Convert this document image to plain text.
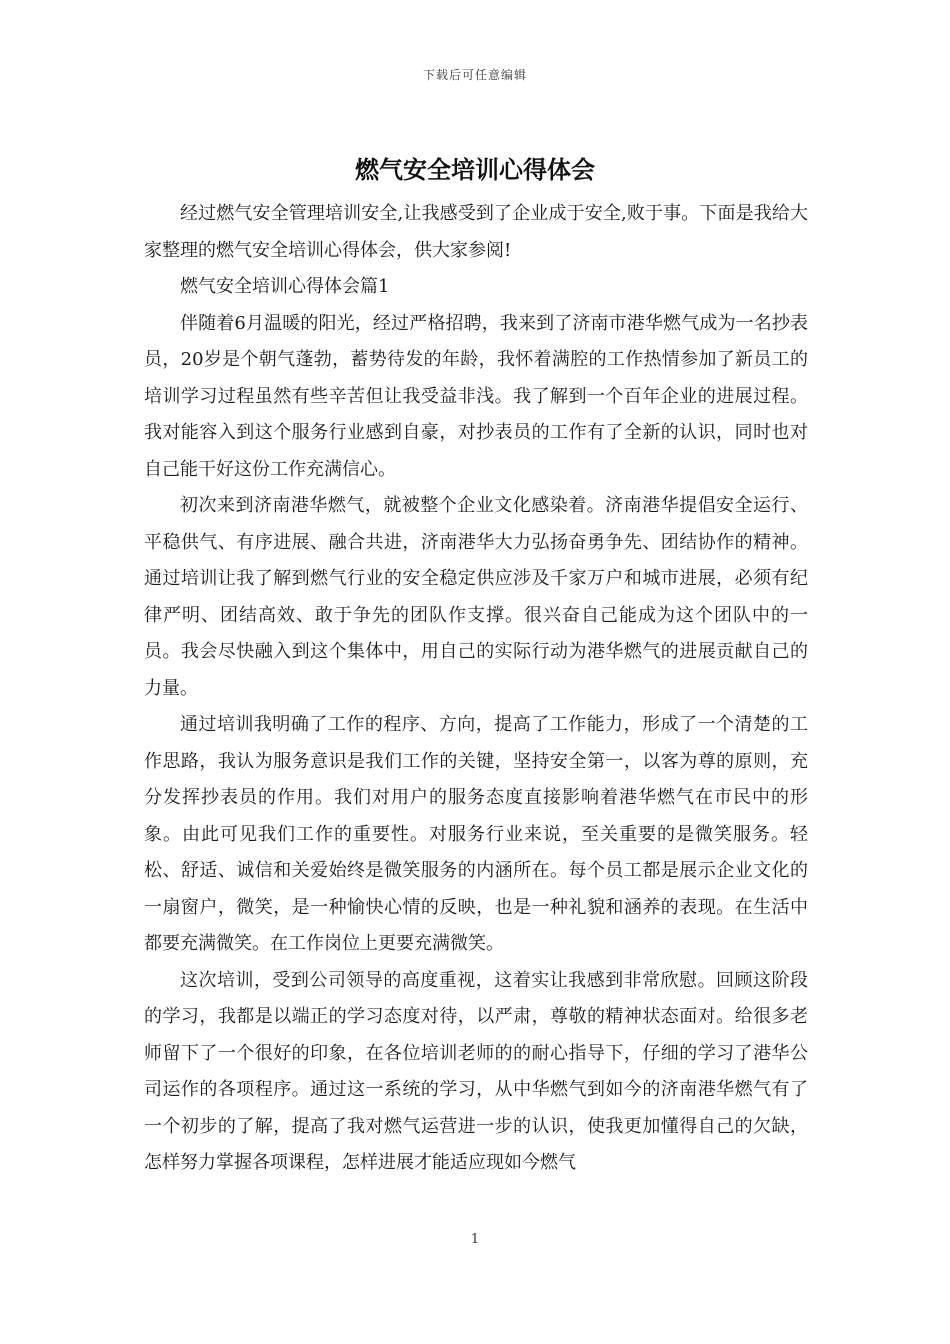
下载后可任意编辑
燃气安全培训心得体会

经过燃气安全管理培训安全,让我感受到了企业成于安全,败于事。下面是我给大家整理的燃气安全培训心得体会，供大家参阅!

燃气安全培训心得体会篇1

伴随着6月温暖的阳光，经过严格招聘，我来到了济南市港华燃气成为一名抄表员，20岁是个朝气蓬勃，蓄势待发的年龄，我怀着满腔的工作热情参加了新员工的培训学习过程虽然有些辛苦但让我受益非浅。我了解到一个百年企业的进展过程。我对能容入到这个服务行业感到自豪，对抄表员的工作有了全新的认识，同时也对自己能干好这份工作充满信心。

初次来到济南港华燃气，就被整个企业文化感染着。济南港华提倡安全运行、平稳供气、有序进展、融合共进，济南港华大力弘扬奋勇争先、团结协作的精神。通过培训让我了解到燃气行业的安全稳定供应涉及千家万户和城市进展，必须有纪律严明、团结高效、敢于争先的团队作支撑。很兴奋自己能成为这个团队中的一员。我会尽快融入到这个集体中，用自己的实际行动为港华燃气的进展贡献自己的力量。

通过培训我明确了工作的程序、方向，提高了工作能力，形成了一个清楚的工作思路，我认为服务意识是我们工作的关键，坚持安全第一，以客为尊的原则，充分发挥抄表员的作用。我们对用户的服务态度直接影响着港华燃气在市民中的形象。由此可见我们工作的重要性。对服务行业来说，至关重要的是微笑服务。轻松、舒适、诚信和关爱始终是微笑服务的内涵所在。每个员工都是展示企业文化的一扇窗户，微笑，是一种愉快心情的反映，也是一种礼貌和涵养的表现。在生活中都要充满微笑。在工作岗位上更要充满微笑。

这次培训，受到公司领导的高度重视，这着实让我感到非常欣慰。回顾这阶段的学习，我都是以端正的学习态度对待，以严肃，尊敬的精神状态面对。给很多老师留下了一个很好的印象，在各位培训老师的的耐心指导下，仔细的学习了港华公司运作的各项程序。通过这一系统的学习，从中华燃气到如今的济南港华燃气有了一个初步的了解，提高了我对燃气运营进一步的认识，使我更加懂得自己的欠缺，怎样努力掌握各项课程，怎样进展才能适应现如今燃气

1
